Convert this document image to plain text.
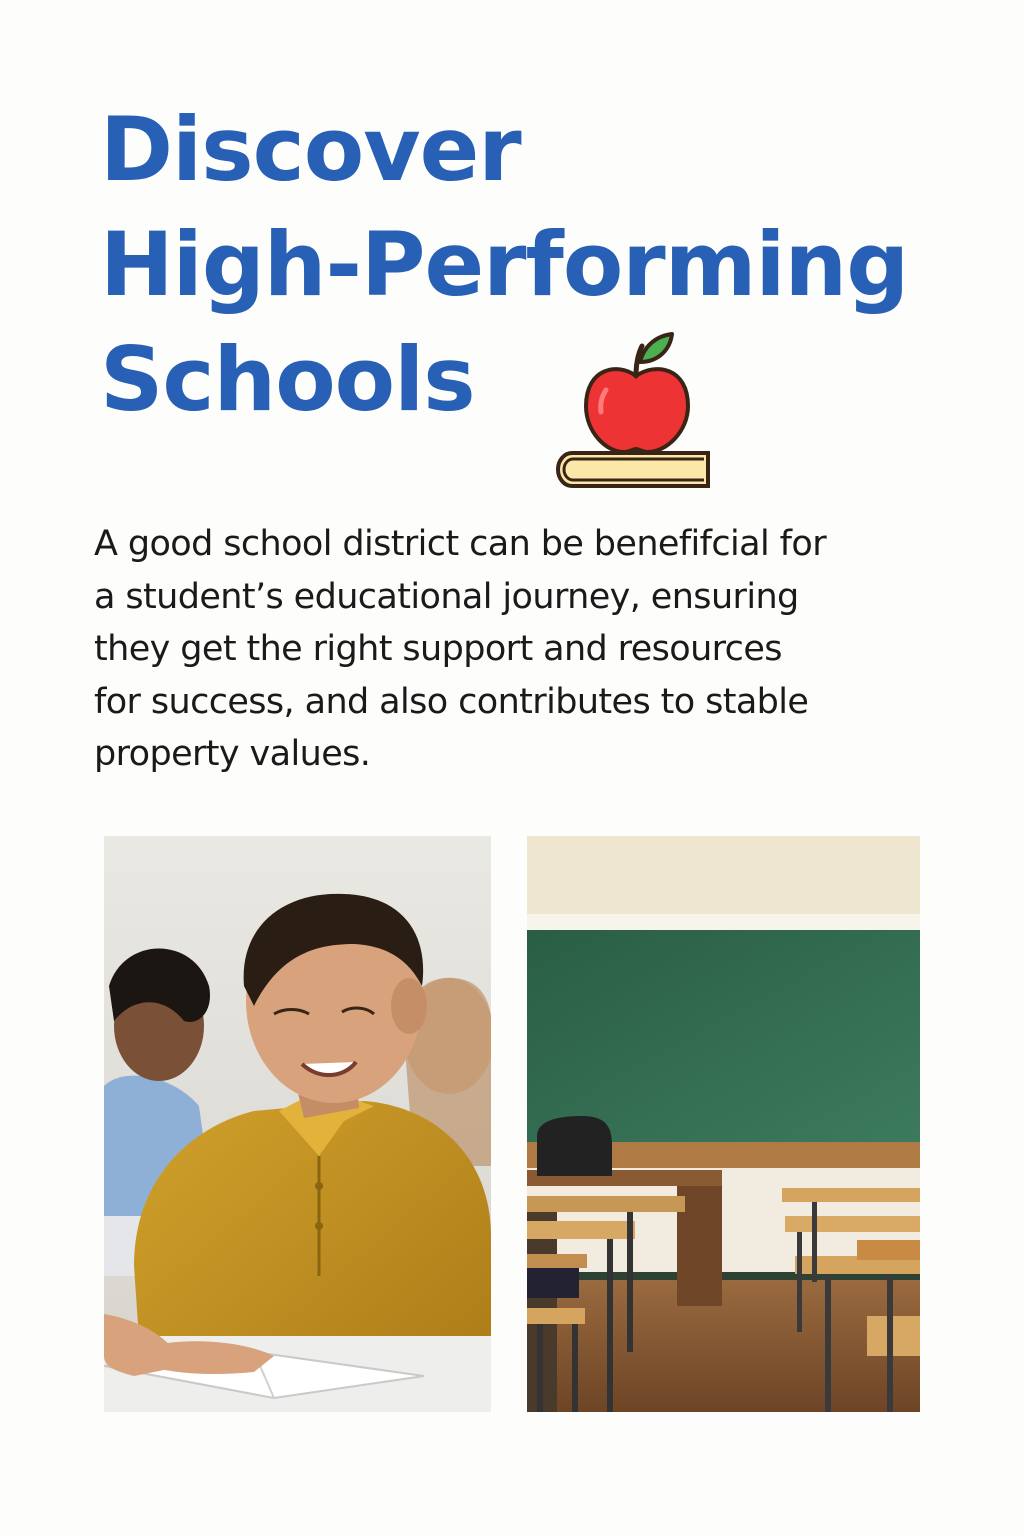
Discover
High-Performing
Schools

A good school district can be benefifcial for
a student’s educational journey, ensuring
they get the right support and resources
for success, and also contributes to stable
property values.
